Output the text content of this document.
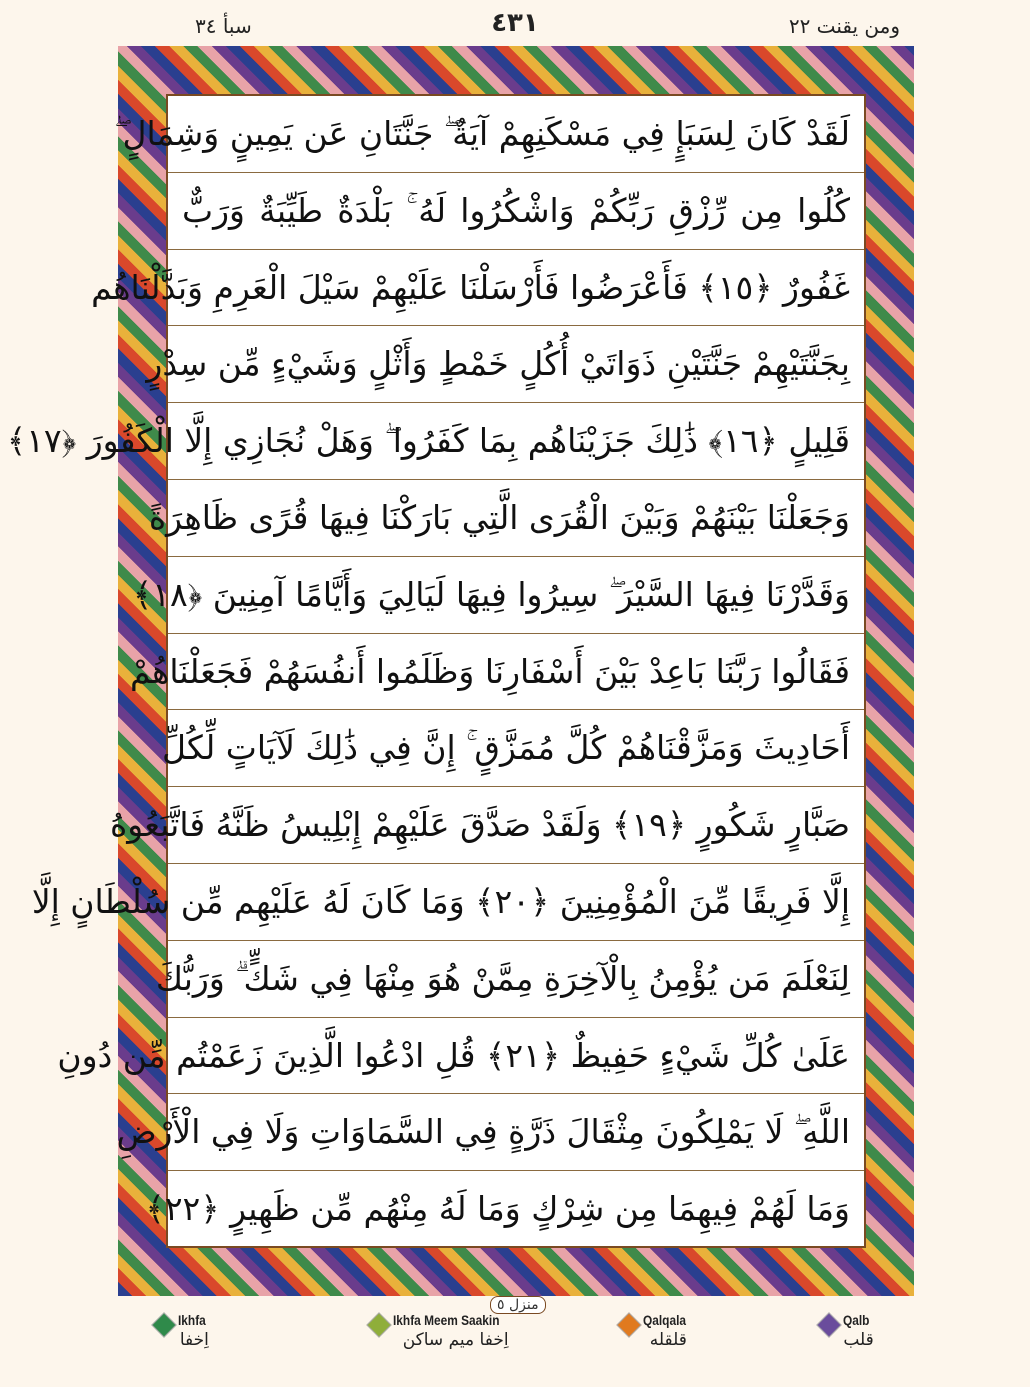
سبأ ٣٤	٤٣١	ومن يقنت ٢٢
لَقَدْ كَانَ لِسَبَإٍ فِي مَسْكَنِهِمْ آيَةٌ ۖ جَنَّتَانِ عَن يَمِينٍ وَشِمَالٍ ۖ
كُلُوا مِن رِّزْقِ رَبِّكُمْ وَاشْكُرُوا لَهُ ۚ بَلْدَةٌ طَيِّبَةٌ وَرَبٌّ
غَفُورٌ ﴿١٥﴾ فَأَعْرَضُوا فَأَرْسَلْنَا عَلَيْهِمْ سَيْلَ الْعَرِمِ وَبَدَّلْنَاهُم
بِجَنَّتَيْهِمْ جَنَّتَيْنِ ذَوَاتَيْ أُكُلٍ خَمْطٍ وَأَثْلٍ وَشَيْءٍ مِّن سِدْرٍ
قَلِيلٍ ﴿١٦﴾ ذَٰلِكَ جَزَيْنَاهُم بِمَا كَفَرُوا ۖ وَهَلْ نُجَازِي إِلَّا الْكَفُورَ ﴿١٧﴾
وَجَعَلْنَا بَيْنَهُمْ وَبَيْنَ الْقُرَى الَّتِي بَارَكْنَا فِيهَا قُرًى ظَاهِرَةً
وَقَدَّرْنَا فِيهَا السَّيْرَ ۖ سِيرُوا فِيهَا لَيَالِيَ وَأَيَّامًا آمِنِينَ ﴿١٨﴾
فَقَالُوا رَبَّنَا بَاعِدْ بَيْنَ أَسْفَارِنَا وَظَلَمُوا أَنفُسَهُمْ فَجَعَلْنَاهُمْ
أَحَادِيثَ وَمَزَّقْنَاهُمْ كُلَّ مُمَزَّقٍ ۚ إِنَّ فِي ذَٰلِكَ لَآيَاتٍ لِّكُلِّ
صَبَّارٍ شَكُورٍ ﴿١٩﴾ وَلَقَدْ صَدَّقَ عَلَيْهِمْ إِبْلِيسُ ظَنَّهُ فَاتَّبَعُوهُ
إِلَّا فَرِيقًا مِّنَ الْمُؤْمِنِينَ ﴿٢٠﴾ وَمَا كَانَ لَهُ عَلَيْهِم مِّن سُلْطَانٍ إِلَّا
لِنَعْلَمَ مَن يُؤْمِنُ بِالْآخِرَةِ مِمَّنْ هُوَ مِنْهَا فِي شَكٍّ ۗ وَرَبُّكَ
عَلَىٰ كُلِّ شَيْءٍ حَفِيظٌ ﴿٢١﴾ قُلِ ادْعُوا الَّذِينَ زَعَمْتُم مِّن دُونِ
اللَّهِ ۖ لَا يَمْلِكُونَ مِثْقَالَ ذَرَّةٍ فِي السَّمَاوَاتِ وَلَا فِي الْأَرْضِ
وَمَا لَهُمْ فِيهِمَا مِن شِرْكٍ وَمَا لَهُ مِنْهُم مِّن ظَهِيرٍ ﴿٢٢﴾
منزل ٥
Ikhfa
اِخفا
Ikhfa Meem Saakin
اِخفا میم ساکن
Qalqala
قلقله
Qalb
قلب
